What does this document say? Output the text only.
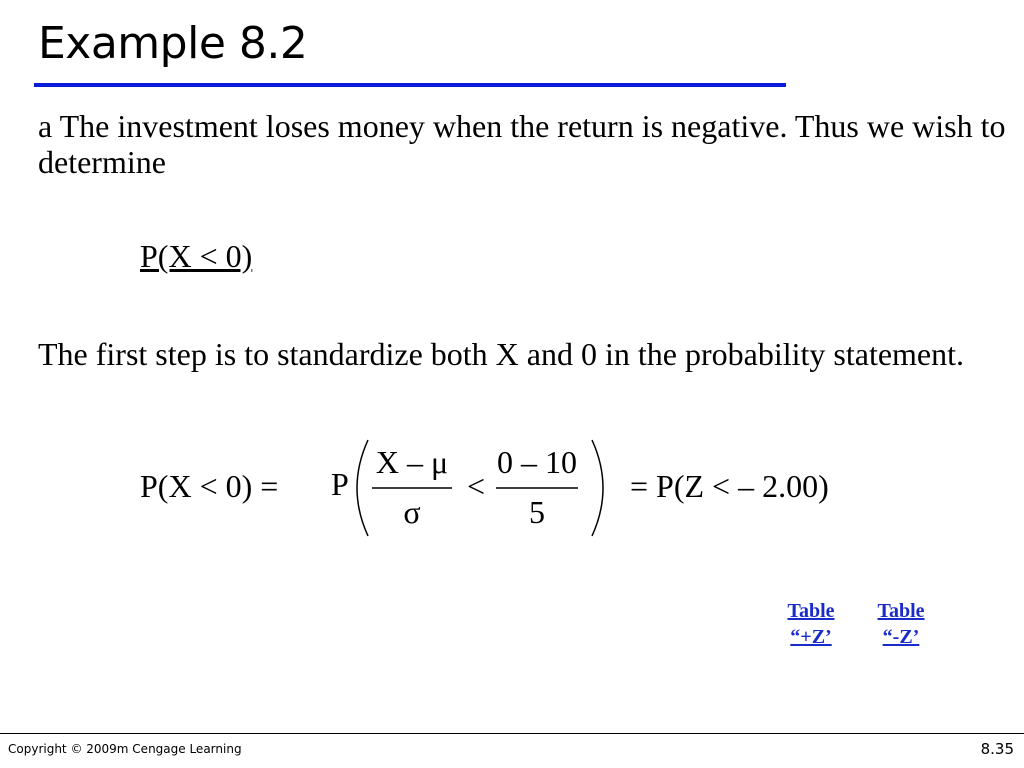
Example 8.2
a The investment loses money when the return is negative. Thus we wish to determine
P(X < 0)
The first step is to standardize both X and 0 in the probability statement.
P(X < 0) = P
X – μ
σ
<
0 – 10
5
= P(Z < – 2.00)
Table
“+Z’
Table
“-Z’
Copyright © 2009m Cengage Learning	8.35
